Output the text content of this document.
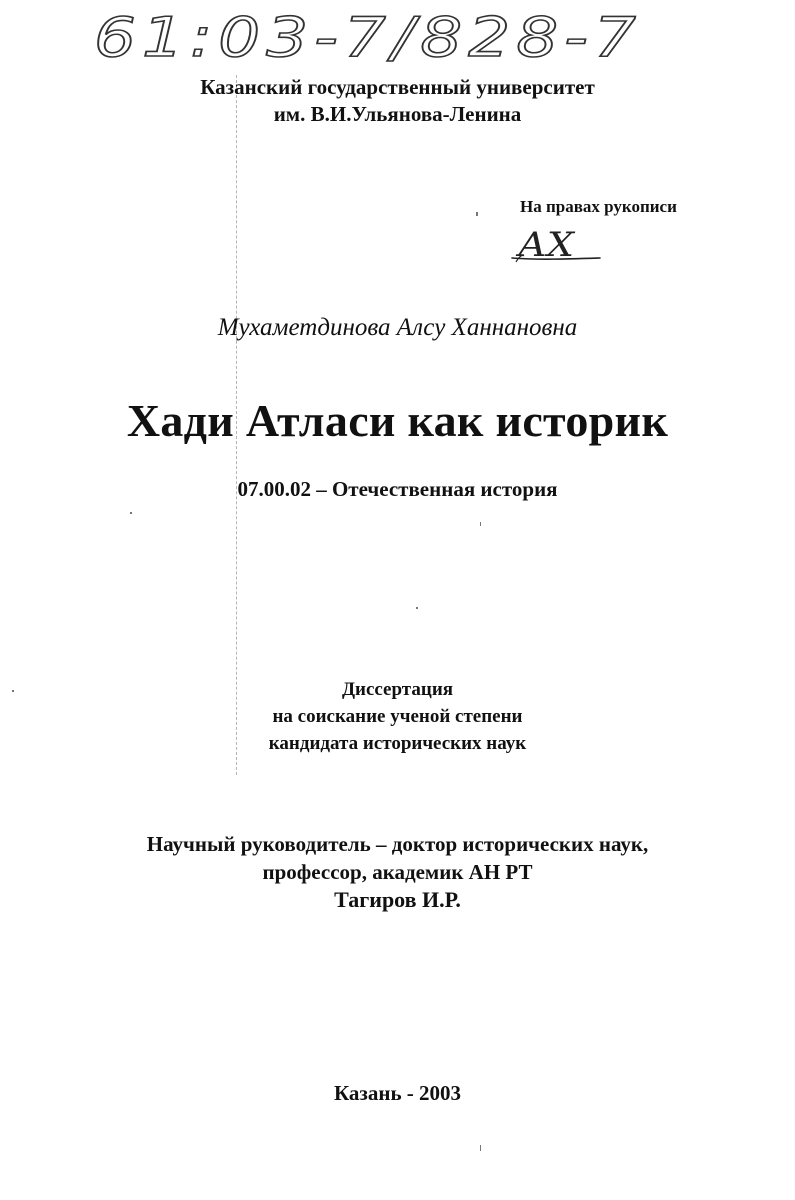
61:03-7/828-7
Казанский государственный университет
им. В.И.Ульянова-Ленина
На правах рукописи
АХ
Мухаметдинова Алсу Ханнановна
Хади Атласи как историк
07.00.02 – Отечественная история
Диссертация
на соискание ученой степени
кандидата исторических наук
Научный руководитель – доктор исторических наук,
профессор, академик АН РТ
Тагиров И.Р.
Казань - 2003
